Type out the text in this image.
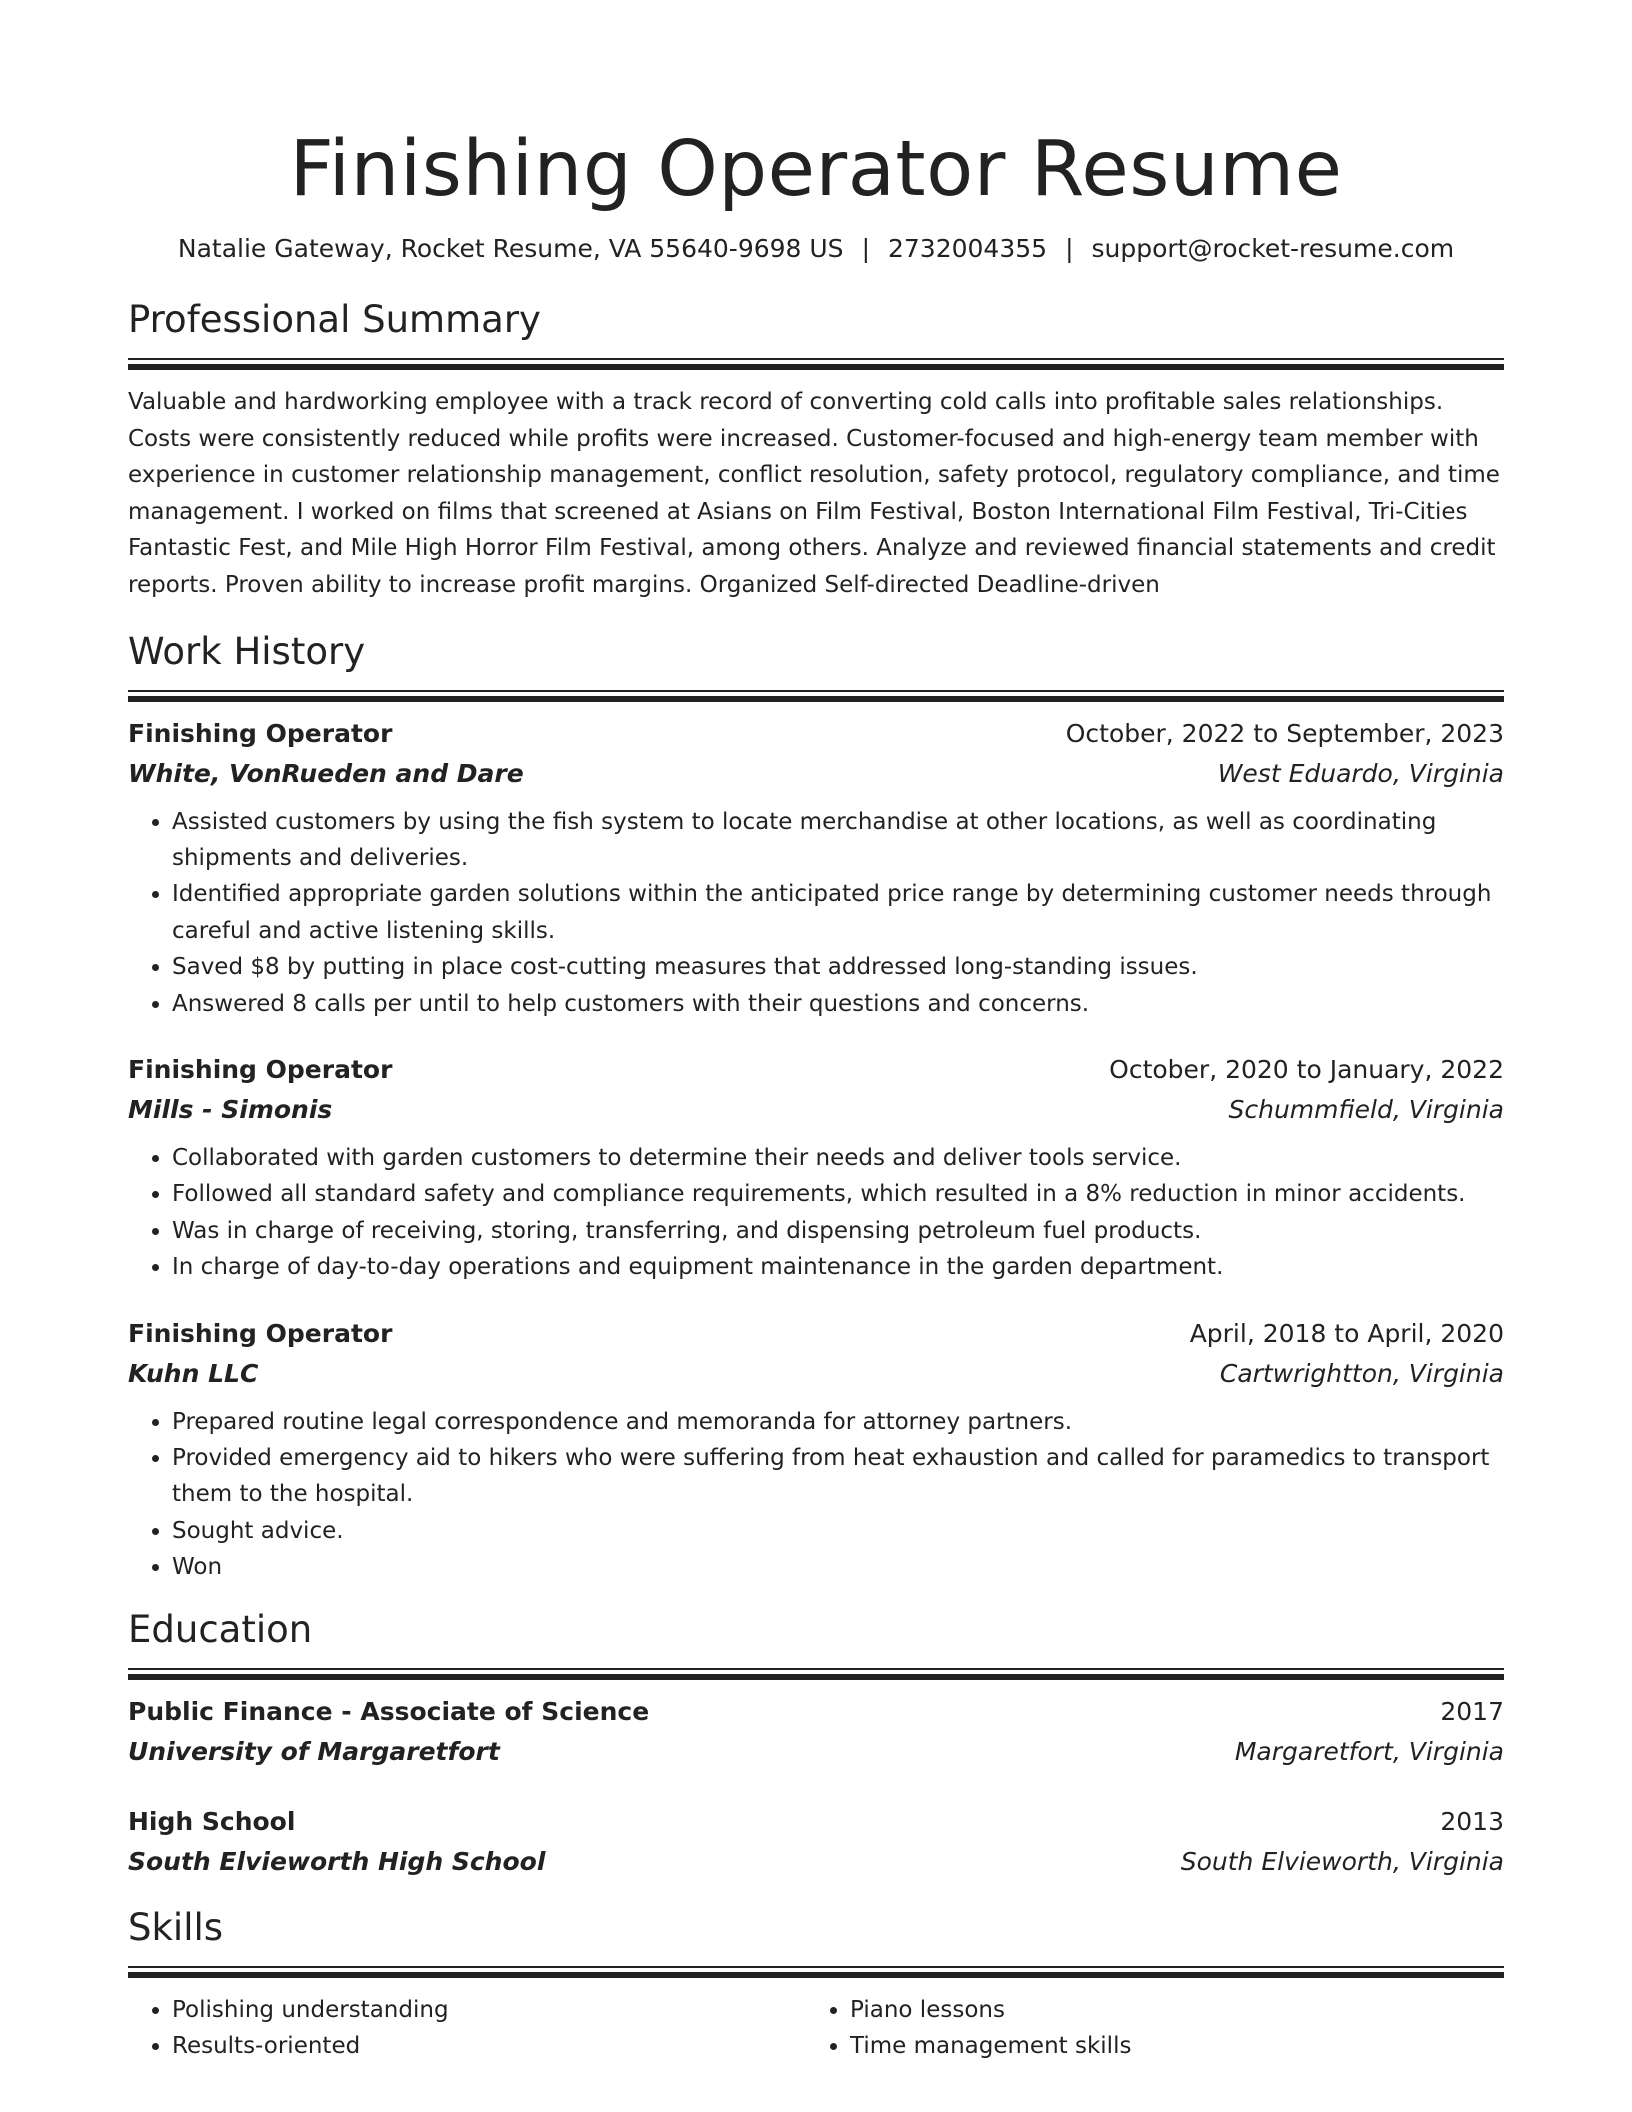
Finishing Operator Resume
Natalie Gateway, Rocket Resume, VA 55640-9698 US | 2732004355 | support@rocket-resume.com
Professional Summary

Valuable and hardworking employee with a track record of converting cold calls into profitable sales relationships. Costs were consistently reduced while profits were increased. Customer-focused and high-energy team member with experience in customer relationship management, conflict resolution, safety protocol, regulatory compliance, and time management. I worked on films that screened at Asians on Film Festival, Boston International Film Festival, Tri-Cities Fantastic Fest, and Mile High Horror Film Festival, among others. Analyze and reviewed financial statements and credit reports. Proven ability to increase profit margins. Organized Self-directed Deadline-driven

Work History
Finishing Operator	October, 2022 to September, 2023
White, VonRueden and Dare	West Eduardo, Virginia
• Assisted customers by using the fish system to locate merchandise at other locations, as well as coordinating shipments and deliveries.
• Identified appropriate garden solutions within the anticipated price range by determining customer needs through careful and active listening skills.
• Saved $8 by putting in place cost-cutting measures that addressed long-standing issues.
• Answered 8 calls per until to help customers with their questions and concerns.
Finishing Operator	October, 2020 to January, 2022
Mills - Simonis	Schummfield, Virginia
• Collaborated with garden customers to determine their needs and deliver tools service.
• Followed all standard safety and compliance requirements, which resulted in a 8% reduction in minor accidents.
• Was in charge of receiving, storing, transferring, and dispensing petroleum fuel products.
• In charge of day-to-day operations and equipment maintenance in the garden department.
Finishing Operator	April, 2018 to April, 2020
Kuhn LLC	Cartwrightton, Virginia
• Prepared routine legal correspondence and memoranda for attorney partners.
• Provided emergency aid to hikers who were suffering from heat exhaustion and called for paramedics to transport them to the hospital.
• Sought advice.
• Won
Education
Public Finance - Associate of Science	2017
University of Margaretfort	Margaretfort, Virginia
High School	2013
South Elvieworth High School	South Elvieworth, Virginia
Skills
• Polishing understanding
• Results-oriented
• Piano lessons
• Time management skills
